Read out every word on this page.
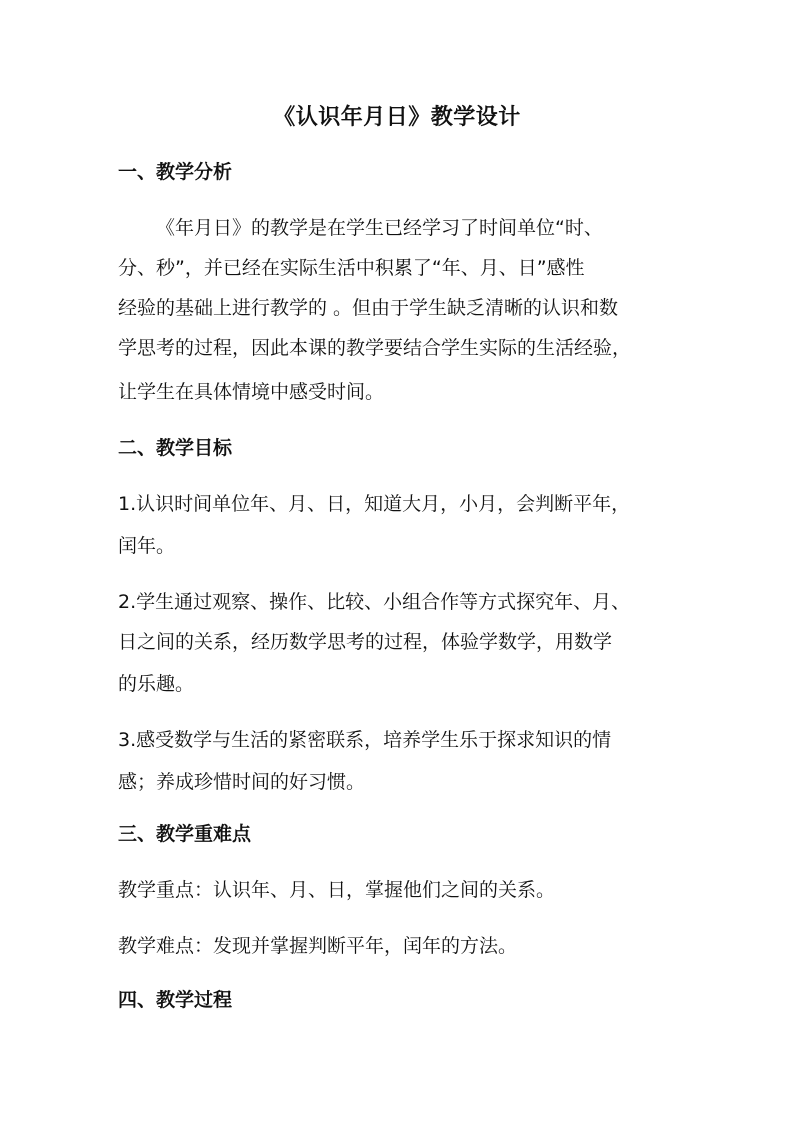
《认识年月日》教学设计
一、教学分析
《年月日》的教学是在学生已经学习了时间单位“时、
分、秒”，并已经在实际生活中积累了“年、月、日”感性
经验的基础上进行教学的 。但由于学生缺乏清晰的认识和数
学思考的过程，因此本课的教学要结合学生实际的生活经验，
让学生在具体情境中感受时间。
二、教学目标
1.认识时间单位年、月、日，知道大月，小月，会判断平年，
闰年。
2.学生通过观察、操作、比较、小组合作等方式探究年、月、
日之间的关系，经历数学思考的过程，体验学数学，用数学
的乐趣。
3.感受数学与生活的紧密联系，培养学生乐于探求知识的情
感；养成珍惜时间的好习惯。
三、教学重难点
教学重点：认识年、月、日，掌握他们之间的关系。
教学难点：发现并掌握判断平年，闰年的方法。
四、教学过程
